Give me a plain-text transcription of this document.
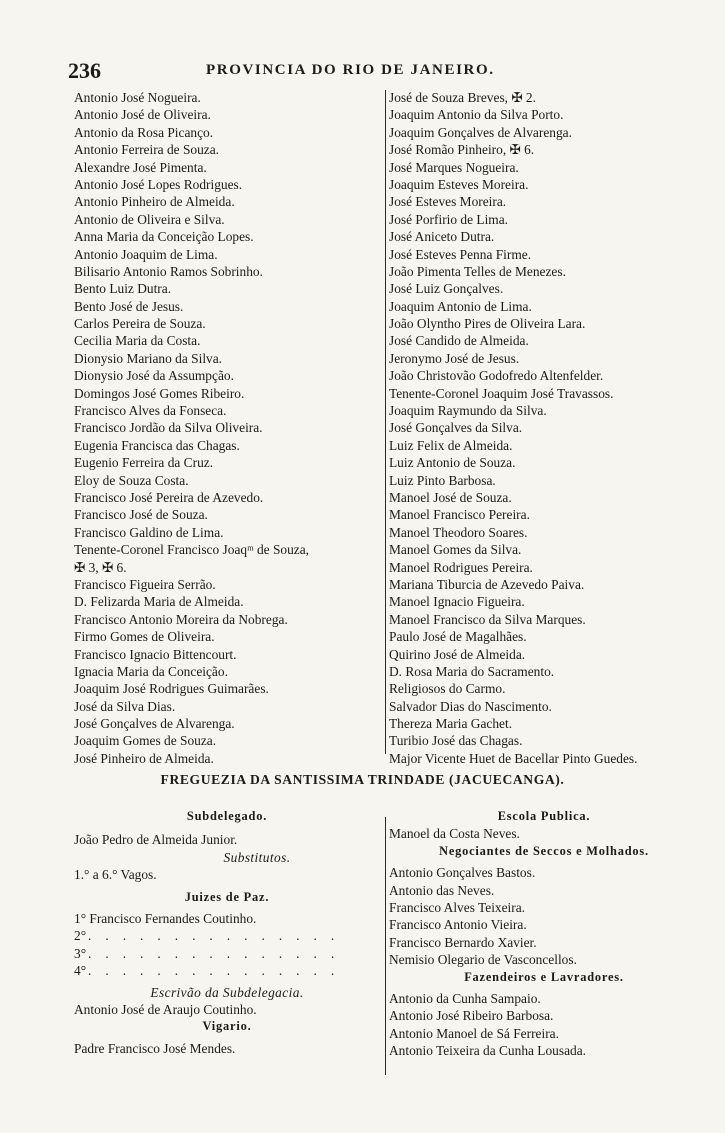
236	PROVINCIA DO RIO DE JANEIRO.
Antonio José Nogueira.
Antonio José de Oliveira.
Antonio da Rosa Picanço.
Antonio Ferreira de Souza.
Alexandre José Pimenta.
Antonio José Lopes Rodrigues.
Antonio Pinheiro de Almeida.
Antonio de Oliveira e Silva.
Anna Maria da Conceição Lopes.
Antonio Joaquim de Lima.
Bilisario Antonio Ramos Sobrinho.
Bento Luiz Dutra.
Bento José de Jesus.
Carlos Pereira de Souza.
Cecilia Maria da Costa.
Dionysio Mariano da Silva.
Dionysio José da Assumpção.
Domingos José Gomes Ribeiro.
Francisco Alves da Fonseca.
Francisco Jordão da Silva Oliveira.
Eugenia Francisca das Chagas.
Eugenio Ferreira da Cruz.
Eloy de Souza Costa.
Francisco José Pereira de Azevedo.
Francisco José de Souza.
Francisco Galdino de Lima.
Tenente-Coronel Francisco Joaqᵐ de Souza,
✠ 3, ✠ 6.
Francisco Figueira Serrão.
D. Felizarda Maria de Almeida.
Francisco Antonio Moreira da Nobrega.
Firmo Gomes de Oliveira.
Francisco Ignacio Bittencourt.
Ignacia Maria da Conceição.
Joaquim José Rodrigues Guimarães.
José da Silva Dias.
José Gonçalves de Alvarenga.
Joaquim Gomes de Souza.
José Pinheiro de Almeida.
José de Souza Breves, ✠ 2.
Joaquim Antonio da Silva Porto.
Joaquim Gonçalves de Alvarenga.
José Romão Pinheiro, ✠ 6.
José Marques Nogueira.
Joaquim Esteves Moreira.
José Esteves Moreira.
José Porfirio de Lima.
José Aniceto Dutra.
José Esteves Penna Firme.
João Pimenta Telles de Menezes.
José Luiz Gonçalves.
Joaquim Antonio de Lima.
João Olyntho Pires de Oliveira Lara.
José Candido de Almeida.
Jeronymo José de Jesus.
João Christovão Godofredo Altenfelder.
Tenente-Coronel Joaquim José Travassos.
Joaquim Raymundo da Silva.
José Gonçalves da Silva.
Luiz Felix de Almeida.
Luiz Antonio de Souza.
Luiz Pinto Barbosa.
Manoel José de Souza.
Manoel Francisco Pereira.
Manoel Theodoro Soares.
Manoel Gomes da Silva.
Manoel Rodrigues Pereira.
Mariana Tiburcia de Azevedo Paiva.
Manoel Ignacio Figueira.
Manoel Francisco da Silva Marques.
Paulo José de Magalhães.
Quirino José de Almeida.
D. Rosa Maria do Sacramento.
Religiosos do Carmo.
Salvador Dias do Nascimento.
Thereza Maria Gachet.
Turibio José das Chagas.
Major Vicente Huet de Bacellar Pinto Guedes.
FREGUEZIA DA SANTISSIMA TRINDADE (JACUECANGA).
Subdelegado.
João Pedro de Almeida Junior.
Substitutos.
1.° a 6.° Vagos.
Juizes de Paz.
1° Francisco Fernandes Coutinho.
2° ...............
3° ...............
4° ...............
Escrivão da Subdelegacia.
Antonio José de Araujo Coutinho.
Vigario.
Padre Francisco José Mendes.
Escola Publica.
Manoel da Costa Neves.
Negociantes de Seccos e Molhados.
Antonio Gonçalves Bastos.
Antonio das Neves.
Francisco Alves Teixeira.
Francisco Antonio Vieira.
Francisco Bernardo Xavier.
Nemisio Olegario de Vasconcellos.
Fazendeiros e Lavradores.
Antonio da Cunha Sampaio.
Antonio José Ribeiro Barbosa.
Antonio Manoel de Sá Ferreira.
Antonio Teixeira da Cunha Lousada.
